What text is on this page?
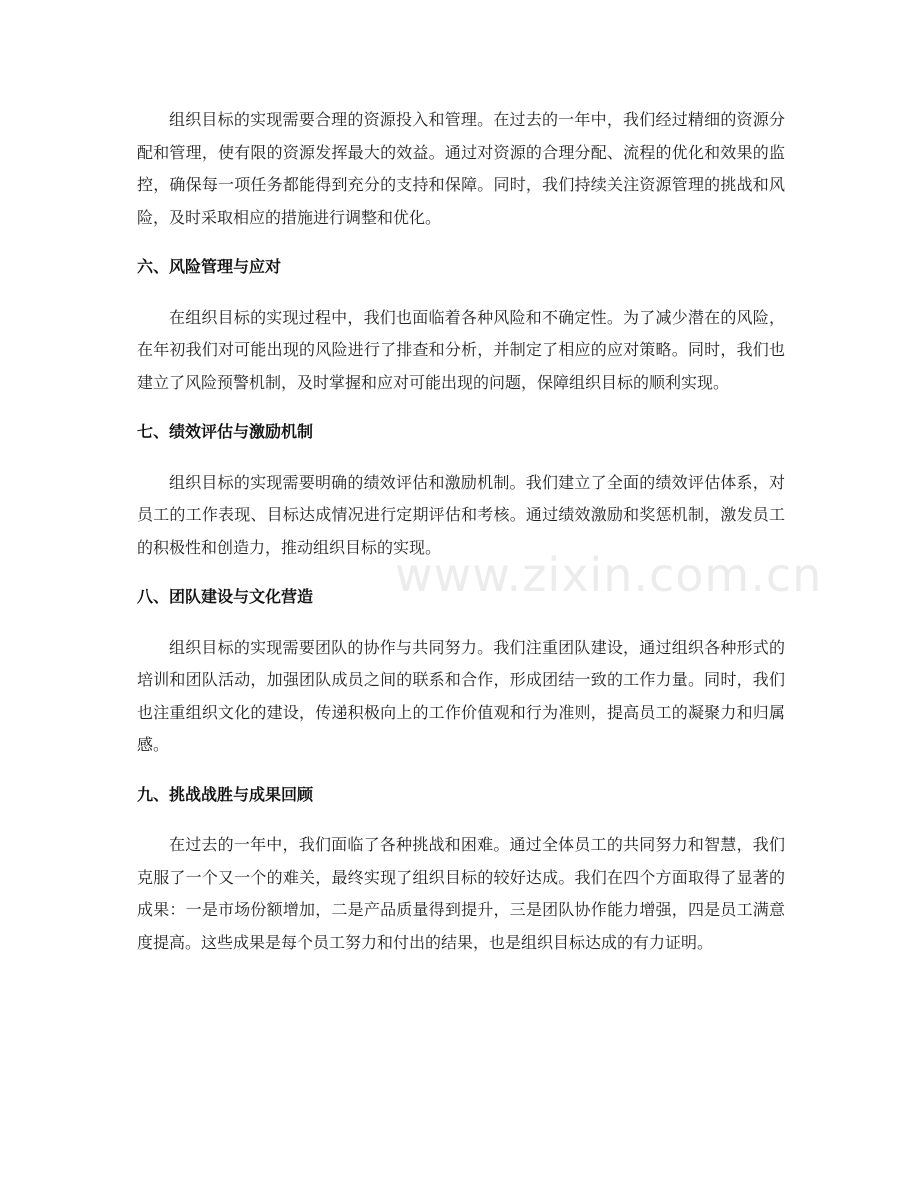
组织目标的实现需要合理的资源投入和管理。在过去的一年中，我们经过精细的资源分配和管理，使有限的资源发挥最大的效益。通过对资源的合理分配、流程的优化和效果的监控，确保每一项任务都能得到充分的支持和保障。同时，我们持续关注资源管理的挑战和风险，及时采取相应的措施进行调整和优化。

六、风险管理与应对

在组织目标的实现过程中，我们也面临着各种风险和不确定性。为了减少潜在的风险，在年初我们对可能出现的风险进行了排查和分析，并制定了相应的应对策略。同时，我们也建立了风险预警机制，及时掌握和应对可能出现的问题，保障组织目标的顺利实现。

七、绩效评估与激励机制

组织目标的实现需要明确的绩效评估和激励机制。我们建立了全面的绩效评估体系，对员工的工作表现、目标达成情况进行定期评估和考核。通过绩效激励和奖惩机制，激发员工的积极性和创造力，推动组织目标的实现。

八、团队建设与文化营造

组织目标的实现需要团队的协作与共同努力。我们注重团队建设，通过组织各种形式的培训和团队活动，加强团队成员之间的联系和合作，形成团结一致的工作力量。同时，我们也注重组织文化的建设，传递积极向上的工作价值观和行为准则，提高员工的凝聚力和归属感。

九、挑战战胜与成果回顾

在过去的一年中，我们面临了各种挑战和困难。通过全体员工的共同努力和智慧，我们克服了一个又一个的难关，最终实现了组织目标的较好达成。我们在四个方面取得了显著的成果：一是市场份额增加，二是产品质量得到提升，三是团队协作能力增强，四是员工满意度提高。这些成果是每个员工努力和付出的结果，也是组织目标达成的有力证明。

www.zixin.com.cn
